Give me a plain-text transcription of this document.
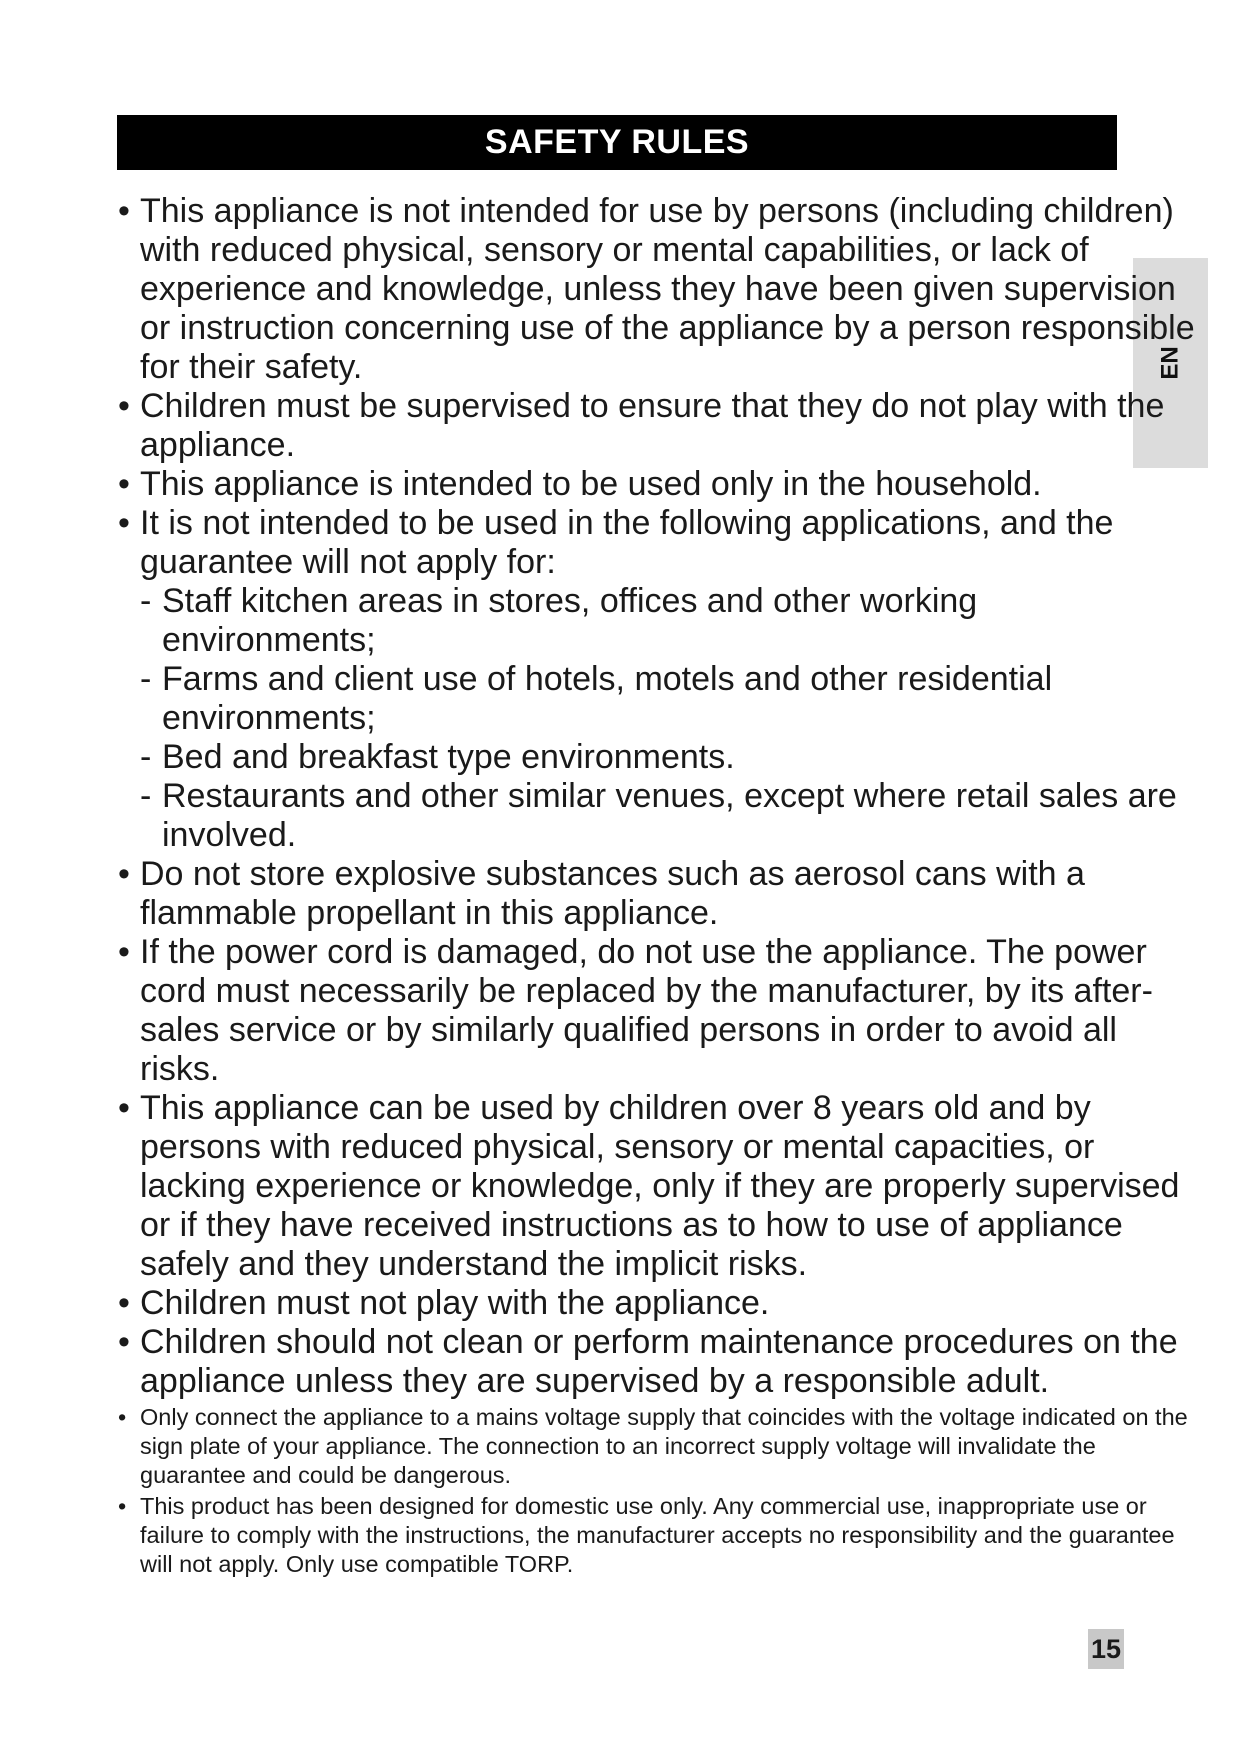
SAFETY RULES
EN
• This appliance is not intended for use by persons (including children) with reduced physical, sensory or mental capabilities, or lack of experience and knowledge, unless they have been given supervision or instruction concerning use of the appliance by a person responsible for their safety.
• Children must be supervised to ensure that they do not play with the appliance.
• This appliance is intended to be used only in the household.
• It is not intended to be used in the following applications, and the guarantee will not apply for:
- Staff kitchen areas in stores, offices and other working environments;
- Farms and client use of hotels, motels and other residential environments;
- Bed and breakfast type environments.
- Restaurants and other similar venues, except where retail sales are involved.
• Do not store explosive substances such as aerosol cans with a flammable propellant in this appliance.
• If the power cord is damaged, do not use the appliance. The power cord must necessarily be replaced by the manufacturer, by its after-sales service or by similarly qualified persons in order to avoid all risks.
• This appliance can be used by children over 8 years old and by persons with reduced physical, sensory or mental capacities, or lacking experience or knowledge, only if they are properly supervised or if they have received instructions as to how to use of appliance safely and they understand the implicit risks.
• Children must not play with the appliance.
• Children should not clean or perform maintenance procedures on the appliance unless they are supervised by a responsible adult.
• Only connect the appliance to a mains voltage supply that coincides with the voltage indicated on the sign plate of your appliance. The connection to an incorrect supply voltage will invalidate the guarantee and could be dangerous.
• This product has been designed for domestic use only. Any commercial use, inappropriate use or failure to comply with the instructions, the manufacturer accepts no responsibility and the guarantee will not apply. Only use compatible TORP.
15
